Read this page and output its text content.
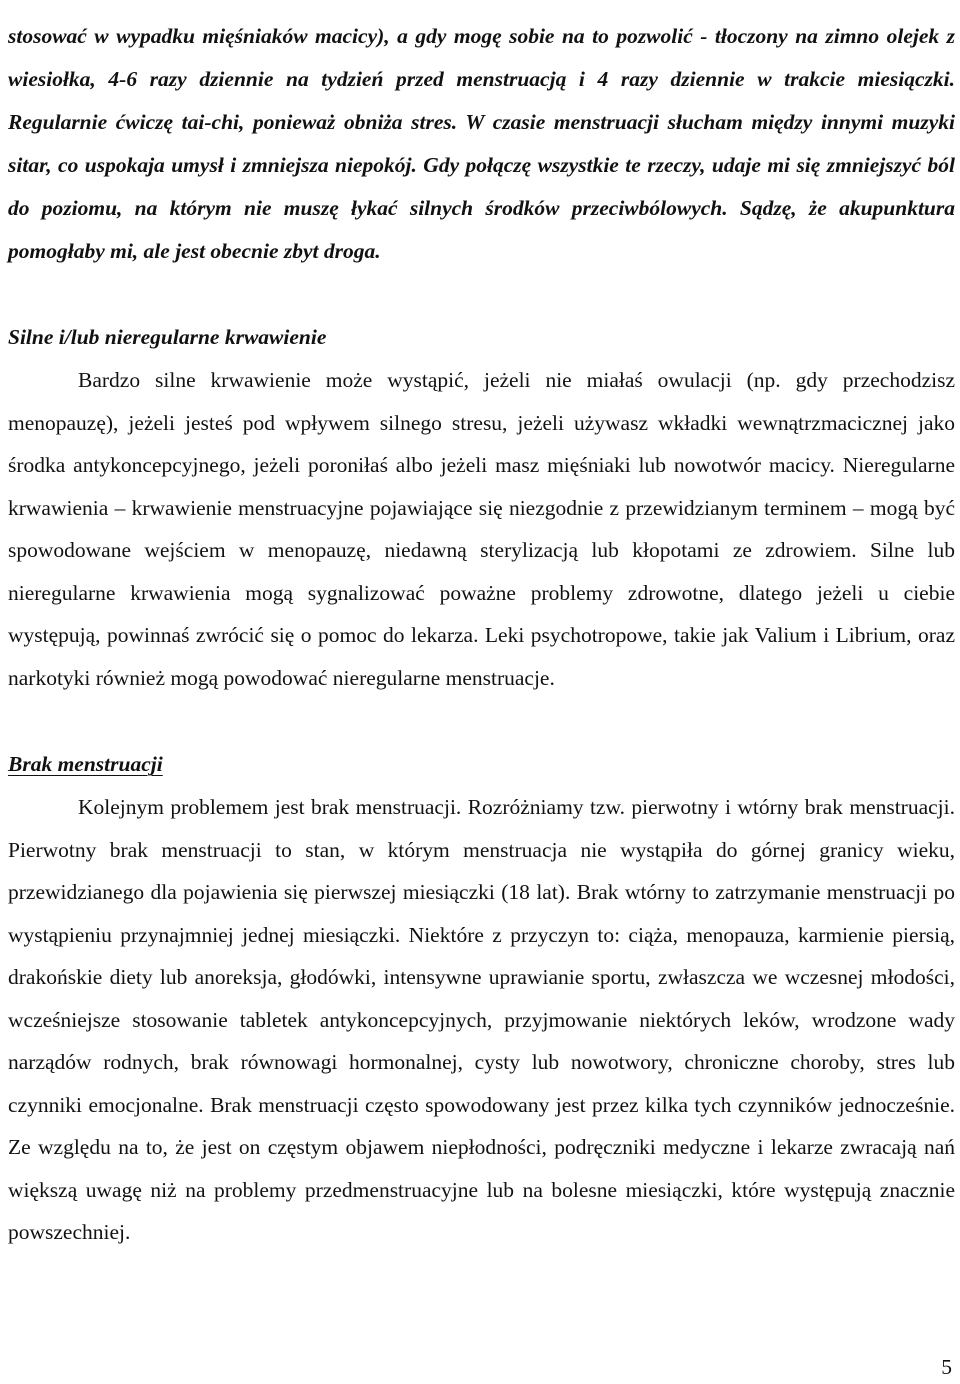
stosować w wypadku mięśniaków macicy), a gdy mogę sobie na to pozwolić - tłoczony na zimno olejek z wiesiołka, 4-6 razy dziennie na tydzień przed menstruacją i 4 razy dziennie w trakcie miesiączki. Regularnie ćwiczę tai-chi, ponieważ obniża stres. W czasie menstruacji słucham między innymi muzyki sitar, co uspokaja umysł i zmniejsza niepokój. Gdy połączę wszystkie te rzeczy, udaje mi się zmniejszyć ból do poziomu, na którym nie muszę łykać silnych środków przeciwbólowych. Sądzę, że akupunktura pomogłaby mi, ale jest obecnie zbyt droga.

Silne i/lub nieregularne krwawienie

Bardzo silne krwawienie może wystąpić, jeżeli nie miałaś owulacji (np. gdy przechodzisz menopauzę), jeżeli jesteś pod wpływem silnego stresu, jeżeli używasz wkładki wewnątrzmacicznej jako środka antykoncepcyjnego, jeżeli poroniłaś albo jeżeli masz mięśniaki lub nowotwór macicy. Nieregularne krwawienia – krwawienie menstruacyjne pojawiające się niezgodnie z przewidzianym terminem – mogą być spowodowane wejściem w menopauzę, niedawną sterylizacją lub kłopotami ze zdrowiem. Silne lub nieregularne krwawienia mogą sygnalizować poważne problemy zdrowotne, dlatego jeżeli u ciebie występują, powinnaś zwrócić się o pomoc do lekarza. Leki psychotropowe, takie jak Valium i Librium, oraz narkotyki również mogą powodować nieregularne menstruacje.

Brak menstruacji

Kolejnym problemem jest brak menstruacji. Rozróżniamy tzw. pierwotny i wtórny brak menstruacji. Pierwotny brak menstruacji to stan, w którym menstruacja nie wystąpiła do górnej granicy wieku, przewidzianego dla pojawienia się pierwszej miesiączki (18 lat). Brak wtórny to zatrzymanie menstruacji po wystąpieniu przynajmniej jednej miesiączki. Niektóre z przyczyn to: ciąża, menopauza, karmienie piersią, drakońskie diety lub anoreksja, głodówki, intensywne uprawianie sportu, zwłaszcza we wczesnej młodości, wcześniejsze stosowanie tabletek antykoncepcyjnych, przyjmowanie niektórych leków, wrodzone wady narządów rodnych, brak równowagi hormonalnej, cysty lub nowotwory, chroniczne choroby, stres lub czynniki emocjonalne. Brak menstruacji często spowodowany jest przez kilka tych czynników jednocześnie. Ze względu na to, że jest on częstym objawem niepłodności, podręczniki medyczne i lekarze zwracają nań większą uwagę niż na problemy przedmenstruacyjne lub na bolesne miesiączki, które występują znacznie powszechniej.

5
